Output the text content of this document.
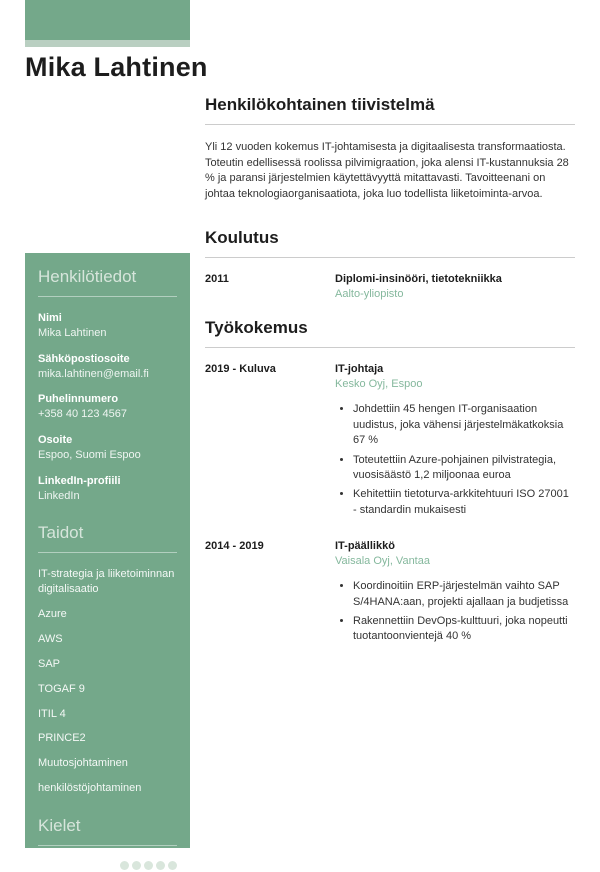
Mika Lahtinen
Henkilökohtainen tiivistelmä

Yli 12 vuoden kokemus IT-johtamisesta ja digitaalisesta transformaatiosta. Toteutin edellisessä roolissa pilvimigraation, joka alensi IT-kustannuksia 28 % ja paransi järjestelmien käytettävyyttä mitattavasti. Tavoitteenani on johtaa teknologiaorganisaatiota, joka luo todellista liiketoiminta-arvoa.

Koulutus
2011	Diplomi-insinööri, tietotekniikka
Aalto-yliopisto
Työkokemus
2019 - Kuluva	IT-johtaja
Kesko Oyj, Espoo
• Johdettiin 45 hengen IT-organisaation uudistus, joka vähensi järjestelmäkatkoksia 67 %
• Toteutettiin Azure-pohjainen pilvistrategia, vuosisäästö 1,2 miljoonaa euroa
• Kehitettiin tietoturva-arkkitehtuuri ISO 27001 - standardin mukaisesti
2014 - 2019	IT-päällikkö
Vaisala Oyj, Vantaa
• Koordinoitiin ERP-järjestelmän vaihto SAP S/4HANA:aan, projekti ajallaan ja budjetissa
• Rakennettiin DevOps-kulttuuri, joka nopeutti tuotantoonvientejä 40 %
Henkilötiedot
Nimi
Mika Lahtinen
Sähköpostiosoite
mika.lahtinen@email.fi
Puhelinnumero
+358 40 123 4567
Osoite
Espoo, Suomi Espoo
LinkedIn-profiili
LinkedIn
Taidot
IT-strategia ja liiketoiminnan digitalisaatio
Azure
AWS
SAP
TOGAF 9
ITIL 4
PRINCE2
Muutosjohtaminen
henkilöstöjohtaminen
Kielet
Suomi
